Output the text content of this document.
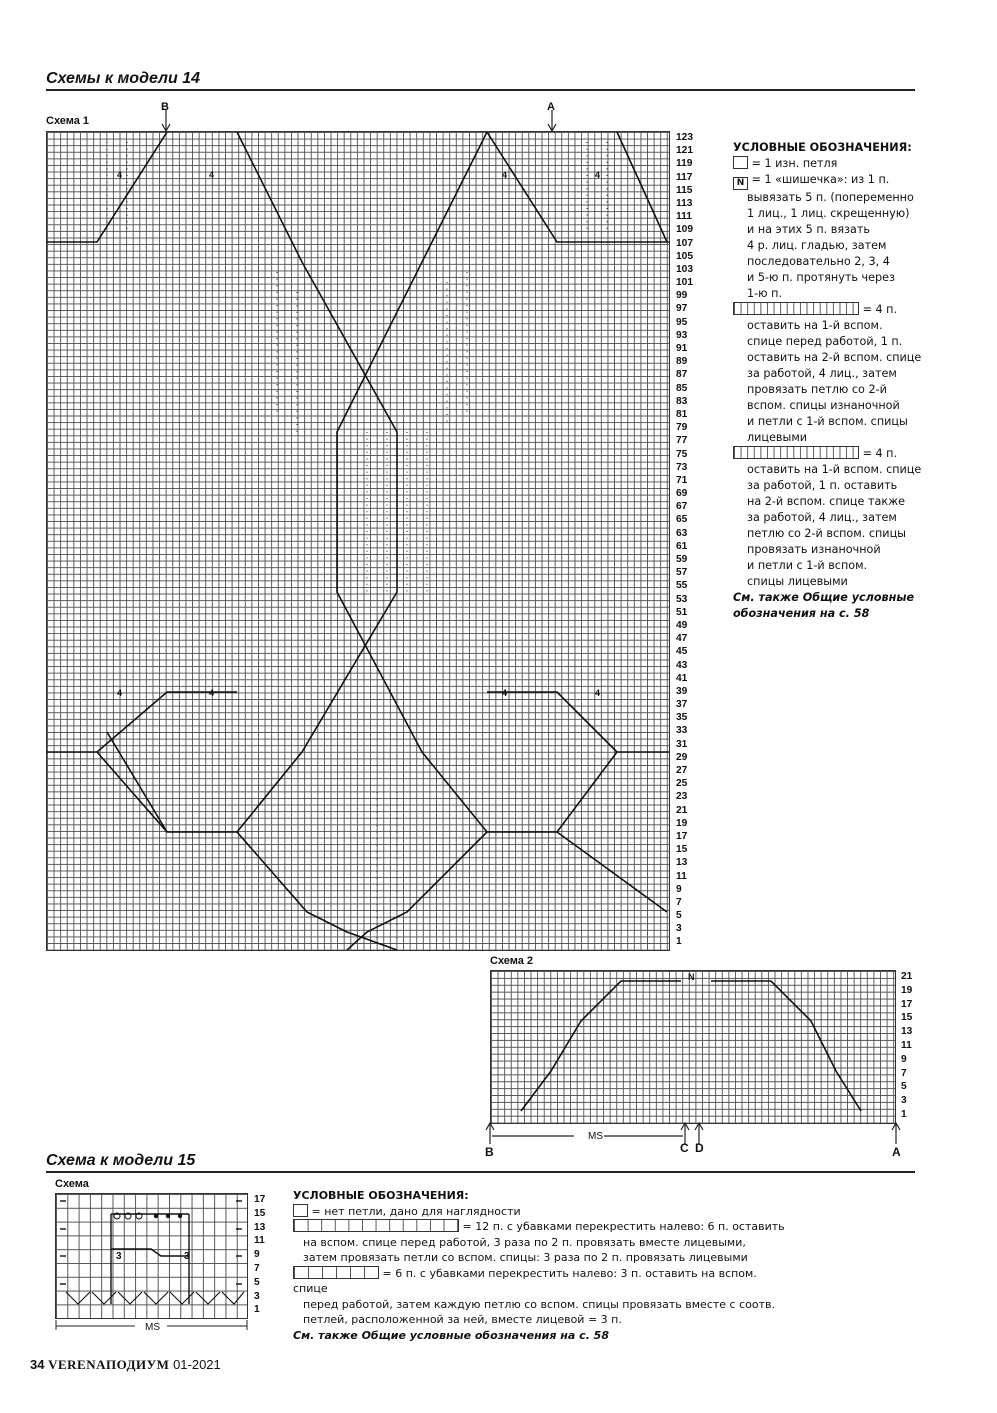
Схемы к модели 14
Схема 1
B	A
4	4	4	4
4	4	4	4
123
121
119
117
115
113
111
109
107
105
103
101
99
97
95
93
91
89
87
85
83
81
79
77
75
73
71
69
67
65
63
61
59
57
55
53
51
49
47
45
43
41
39
37
35
33
31
29
27
25
23
21
19
17
15
13
11
9
7
5
3
1
УСЛОВНЫЕ ОБОЗНАЧЕНИЯ:
= 1 изн. петля
N = 1 «шишечка»: из 1 п.
вывязать 5 п. (попеременно
1 лиц., 1 лиц. скрещенную)
и на этих 5 п. вязать
4 р. лиц. гладью, затем
последовательно 2, 3, 4
и 5-ю п. протянуть через
1-ю п.
= 4 п.
оставить на 1-й вспом.
спице перед работой, 1 п.
оставить на 2-й вспом. спице
за работой, 4 лиц., затем
провязать петлю со 2-й
вспом. спицы изнаночной
и петли с 1-й вспом. спицы
лицевыми
= 4 п.
оставить на 1-й вспом. спице
за работой, 1 п. оставить
на 2-й вспом. спице также
за работой, 4 лиц., затем
петлю со 2-й вспом. спицы
провязать изнаночной
и петли с 1-й вспом.
спицы лицевыми
См. также Общие условные
обозначения на с. 58
Схема 2
N	21
19
17
15
13
11
9
7
5
3
1
MS
B	C D	A
Схема к модели 15
Схема
3	3
17
15
13
11
9
7
5
3
1
MS
УСЛОВНЫЕ ОБОЗНАЧЕНИЯ:
= нет петли, дано для наглядности
= 12 п. с убавками перекрестить налево: 6 п. оставить
на вспом. спице перед работой, 3 раза по 2 п. провязать вместе лицевыми,
затем провязать петли со вспом. спицы: 3 раза по 2 п. провязать лицевыми
= 6 п. с убавками перекрестить налево: 3 п. оставить на вспом. спице
перед работой, затем каждую петлю со вспом. спицы провязать вместе с соотв.
петлей, расположенной за ней, вместе лицевой = 3 п.
См. также Общие условные обозначения на с. 58
34 VERENAПОДИУМ 01-2021
